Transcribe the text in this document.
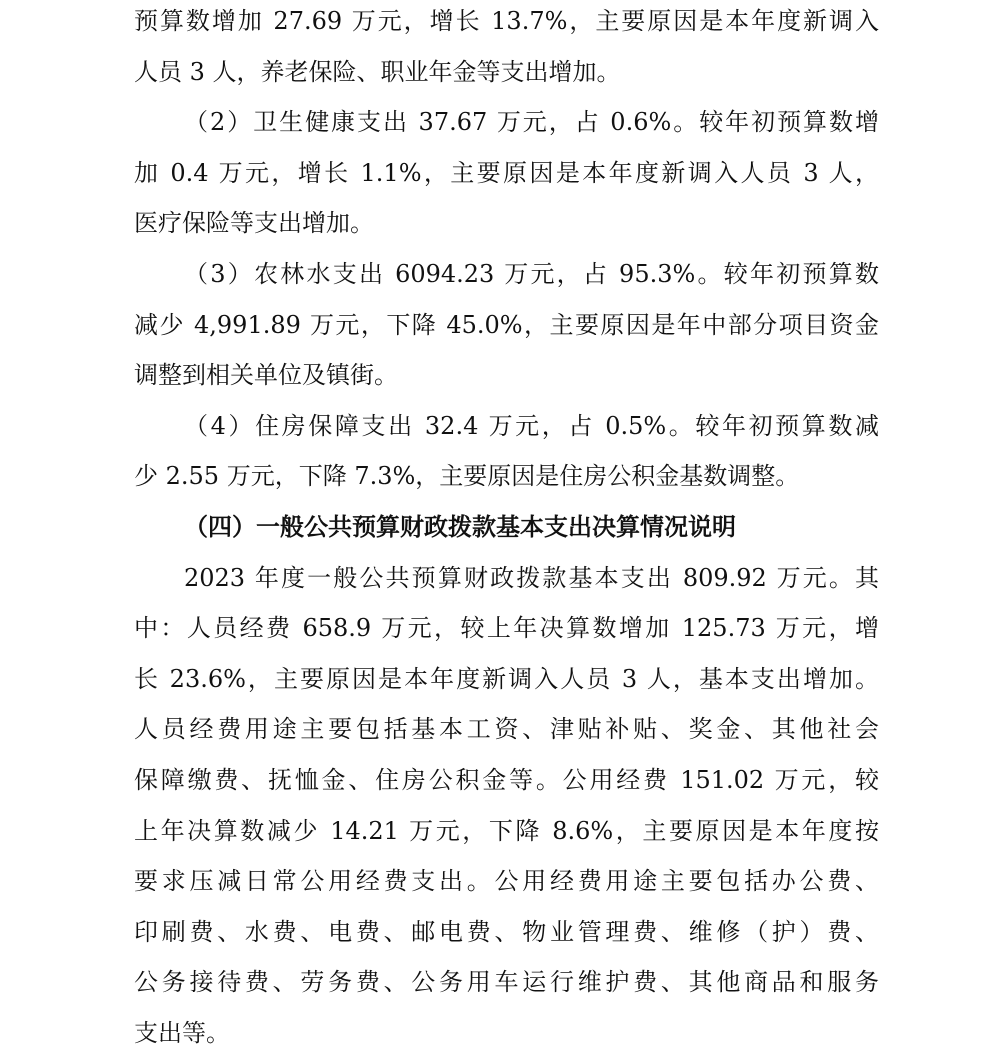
预算数增加 27.69 万元，增长 13.7%，主要原因是本年度新调入
人员 3 人，养老保险、职业年金等支出增加。

（2）卫生健康支出 37.67 万元，占 0.6%。较年初预算数增
加 0.4 万元，增长 1.1%，主要原因是本年度新调入人员 3 人，
医疗保险等支出增加。

（3）农林水支出 6094.23 万元，占 95.3%。较年初预算数
减少 4,991.89 万元，下降 45.0%，主要原因是年中部分项目资金
调整到相关单位及镇街。

（4）住房保障支出 32.4 万元，占 0.5%。较年初预算数减
少 2.55 万元，下降 7.3%，主要原因是住房公积金基数调整。

（四）一般公共预算财政拨款基本支出决算情况说明

2023 年度一般公共预算财政拨款基本支出 809.92 万元。其
中：人员经费 658.9 万元，较上年决算数增加 125.73 万元，增
长 23.6%，主要原因是本年度新调入人员 3 人，基本支出增加。
人员经费用途主要包括基本工资、津贴补贴、奖金、其他社会
保障缴费、抚恤金、住房公积金等。公用经费 151.02 万元，较
上年决算数减少 14.21 万元，下降 8.6%，主要原因是本年度按
要求压减日常公用经费支出。公用经费用途主要包括办公费、
印刷费、水费、电费、邮电费、物业管理费、维修（护）费、
公务接待费、劳务费、公务用车运行维护费、其他商品和服务
支出等。
